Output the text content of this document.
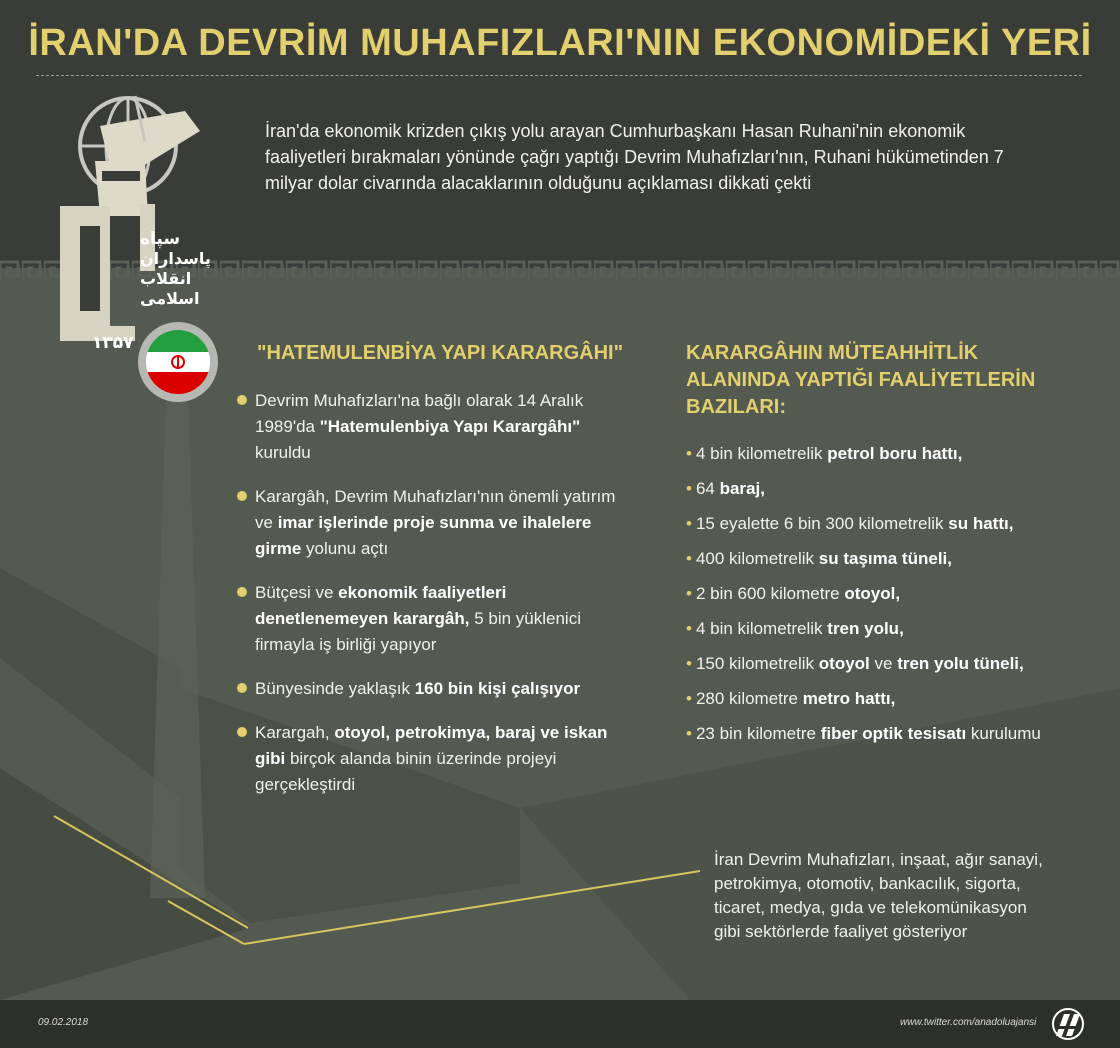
İRAN'DA DEVRİM MUHAFIZLARI'NIN EKONOMİDEKİ YERİ

İran'da ekonomik krizden çıkış yolu arayan Cumhurbaşkanı Hasan Ruhani'nin ekonomik faaliyetleri bırakmaları yönünde çağrı yaptığı Devrim Muhafızları'nın, Ruhani hükümetinden 7 milyar dolar civarında alacaklarının olduğunu açıklaması dikkati çekti

سپاه
پاسداران
انقلاب
اسلامی
۱۳۵۷	"HATEMULENBİYA YAPI KARARGÂHI"
Devrim Muhafızları'na bağlı olarak 14 Aralık 1989'da "Hatemulenbiya Yapı Karargâhı" kuruldu
Karargâh, Devrim Muhafızları'nın önemli yatırım ve imar işlerinde proje sunma ve ihalelere girme yolunu açtı
Bütçesi ve ekonomik faaliyetleri denetlenemeyen karargâh, 5 bin yüklenici firmayla iş birliği yapıyor
Bünyesinde yaklaşık 160 bin kişi çalışıyor
Karargah, otoyol, petrokimya, baraj ve iskan gibi birçok alanda binin üzerinde projeyi gerçekleştirdi
KARARGÂHIN MÜTEAHHİTLİK ALANINDA YAPTIĞI FAALİYETLERİN BAZILARI:
• 4 bin kilometrelik petrol boru hattı,
• 64 baraj,
• 15 eyalette 6 bin 300 kilometrelik su hattı,
• 400 kilometrelik su taşıma tüneli,
• 2 bin 600 kilometre otoyol,
• 4 bin kilometrelik tren yolu,
• 150 kilometrelik otoyol ve tren yolu tüneli,
• 280 kilometre metro hattı,
• 23 bin kilometre fiber optik tesisatı kurulumu

İran Devrim Muhafızları, inşaat, ağır sanayi, petrokimya, otomotiv, bankacılık, sigorta, ticaret, medya, gıda ve telekomünikasyon gibi sektörlerde faaliyet gösteriyor

09.02.2018	www.twitter.com/anadoluajansi
